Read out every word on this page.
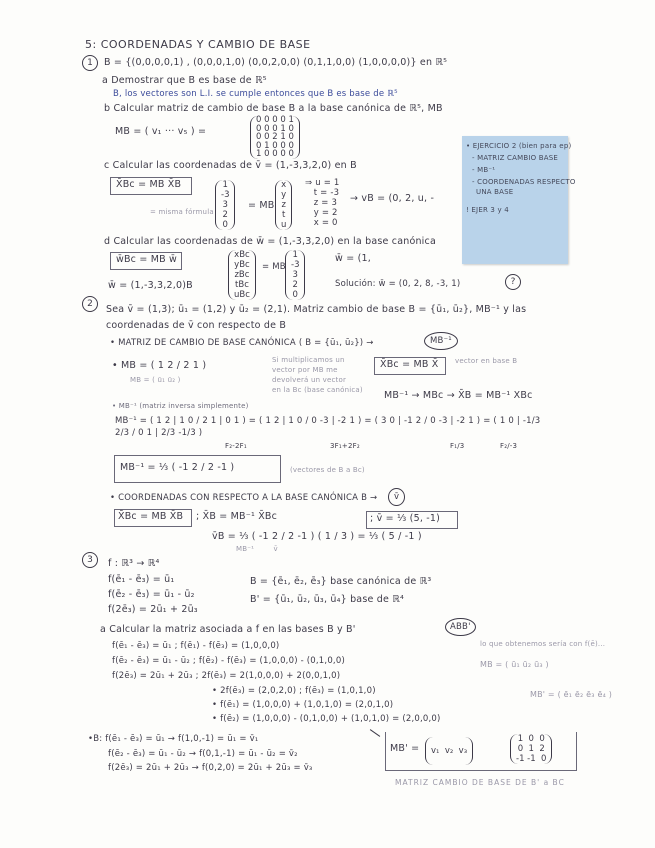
5: COORDENADAS Y CAMBIO DE BASE
1	B = {(0,0,0,0,1) , (0,0,0,1,0) (0,0,2,0,0) (0,1,1,0,0) (1,0,0,0,0)} en ℝ⁵
a Demostrar que B es base de ℝ⁵
B, los vectores son L.I. se cumple entonces que B es base de ℝ⁵
b Calcular matriz de cambio de base B a la base canónica de ℝ⁵, MB
MB = ( v₁ ··· v₅ ) =
0 0 0 0 1
0 0 0 1 0
0 0 2 1 0
0 1 0 0 0
1 0 0 0 0
c Calcular las coordenadas de v̄ = (1,-3,3,2,0) en B
X̄Bc = MB X̄B
= misma fórmula
1
-3
3
2
0
= MB
x
y
z
t
u
⇒ u = 1
t = -3
z = 3
y = 2
x = 0
→ vB = (0, 2, u, -
d Calcular las coordenadas de w̄ = (1,-3,3,2,0) en la base canónica
w̄Bc = MB w̄
w̄ = (1,-3,3,2,0)B
xBc
yBc
zBc
tBc
uBc
= MB
1
-3
3
2
0
w̄ = (1,
Solución: w̄ = (0, 2, 8, -3, 1)	?
• EJERCICIO 2 (bien para ep)
- MATRIZ CAMBIO BASE
- MB⁻¹
- COORDENADAS RESPECTO
UNA BASE
! EJER 3 y 4
2	Sea v̄ = (1,3); ū₁ = (1,2) y ū₂ = (2,1). Matriz cambio de base B = {ū₁, ū₂}, MB⁻¹ y las
coordenadas de v̄ con respecto de B
• MATRIZ DE CAMBIO DE BASE CANÓNICA ( B = {ū₁, ū₂}) →	MB⁻¹
• MB = ( 1 2 / 2 1 )
MB = ( ū₁ ū₂ )
Si multiplicamos un
vector por MB me
devolverá un vector
en la Bc (base canónica)
X̄Bc = MB X̄ vector en base B
MB⁻¹ → MBc → X̄B = MB⁻¹ XBc
• MB⁻¹ (matriz inversa simplemente)
MB⁻¹ = ( 1 2 | 1 0 / 2 1 | 0 1 ) = ( 1 2 | 1 0 / 0 -3 | -2 1 ) = ( 3 0 | -1 2 / 0 -3 | -2 1 ) = ( 1 0 | -1/3 2/3 / 0 1 | 2/3 -1/3 )
F₂-2F₁	3F₁+2F₂	F₁/3	F₂/-3
MB⁻¹ = ⅓ ( -1 2 / 2 -1 )	(vectores de B a Bc)
• COORDENADAS CON RESPECTO A LA BASE CANÓNICA B →	v̄
X̄Bc = MB X̄B ; X̄B = MB⁻¹ X̄Bc
v̄B = ⅓ ( -1 2 / 2 -1 ) ( 1 / 3 ) = ⅓ ( 5 / -1 )
MB⁻¹        v̄
; v̄ = ⅓ (5, -1)
3	f : ℝ³ → ℝ⁴
f(ē₁ - ē₃) = ū₁
f(ē₂ - ē₃) = ū₁ - ū₂
f(2ē₃) = 2ū₁ + 2ū₃
B = {ē₁, ē₂, ē₃} base canónica de ℝ³
B' = {ū₁, ū₂, ū₃, ū₄} base de ℝ⁴
a Calcular la matriz asociada a f en las bases B y B'	ABB'
f(ē₁ - ē₃) = ū₁ ; f(ē₁) - f(ē₃) = (1,0,0,0)
f(ē₂ - ē₃) = ū₁ - ū₂ ; f(ē₂) - f(ē₃) = (1,0,0,0) - (0,1,0,0)
f(2ē₃) = 2ū₁ + 2ū₃ ; 2f(ē₃) = 2(1,0,0,0) + 2(0,0,1,0)
• 2f(ē₃) = (2,0,2,0) ; f(ē₃) = (1,0,1,0)
• f(ē₁) = (1,0,0,0) + (1,0,1,0) = (2,0,1,0)
• f(ē₂) = (1,0,0,0) - (0,1,0,0) + (1,0,1,0) = (2,0,0,0)
lo que obtenemos sería con f(ē)...
MB = ( ū₁ ū₂ ū₃ )
MB' = ( ē₁ ē₂ ē₃ ē₄ )
•B: f(ē₁ - ē₃) = ū₁ → f(1,0,-1) = ū₁ = v̄₁
f(ē₂ - ē₃) = ū₁ - ū₂ → f(0,1,-1) = ū₁ - ū₂ = v̄₂
f(2ē₃) = 2ū₁ + 2ū₃ → f(0,2,0) = 2ū₁ + 2ū₃ = v̄₃
MB' =	v₁  v₂  v₃
1  0  0
0  1  2
-1 -1  0
MATRIZ CAMBIO DE BASE DE B' a BC
